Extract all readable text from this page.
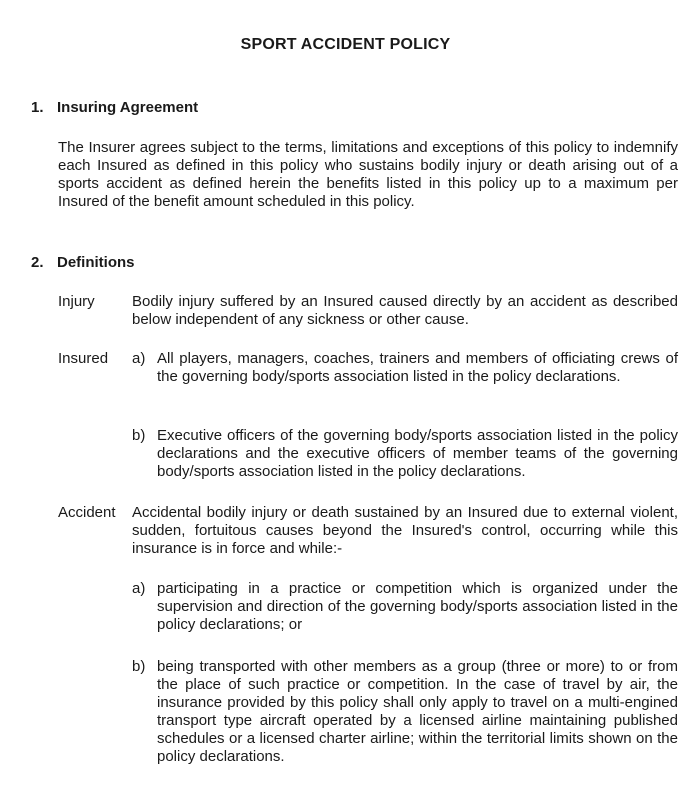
SPORT ACCIDENT POLICY
1. Insuring Agreement
The Insurer agrees subject to the terms, limitations and exceptions of this policy to indemnify each Insured as defined in this policy who sustains bodily injury or death arising out of a sports accident as defined herein the benefits listed in this policy up to a maximum per Insured of the benefit amount scheduled in this policy.
2. Definitions
Injury Bodily injury suffered by an Insured caused directly by an accident as described below independent of any sickness or other cause.
Insured a) All players, managers, coaches, trainers and members of officiating crews of the governing body/sports association listed in the policy declarations.
b) Executive officers of the governing body/sports association listed in the policy declarations and the executive officers of member teams of the governing body/sports association listed in the policy declarations.
Accident Accidental bodily injury or death sustained by an Insured due to external violent, sudden, fortuitous causes beyond the Insured's control, occurring while this insurance is in force and while:-
a) participating in a practice or competition which is organized under the supervision and direction of the governing body/sports association listed in the policy declarations; or
b) being transported with other members as a group (three or more) to or from the place of such practice or competition. In the case of travel by air, the insurance provided by this policy shall only apply to travel on a multi-engined transport type aircraft operated by a licensed airline maintaining published schedules or a licensed charter airline; within the territorial limits shown on the policy declarations.
